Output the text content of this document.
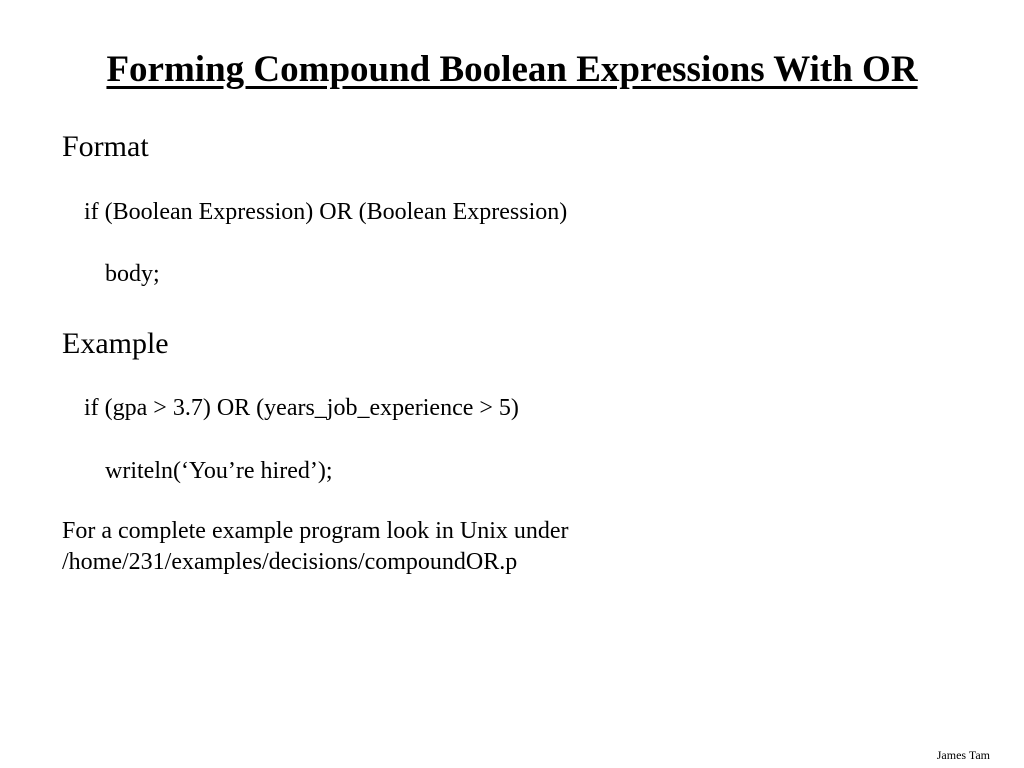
Forming Compound Boolean Expressions With OR
Format
if (Boolean Expression) OR (Boolean Expression)
body;
Example
if (gpa > 3.7) OR (years_job_experience > 5)
writeln(‘You’re hired’);
For a complete example program look in Unix under
/home/231/examples/decisions/compoundOR.p
James Tam
